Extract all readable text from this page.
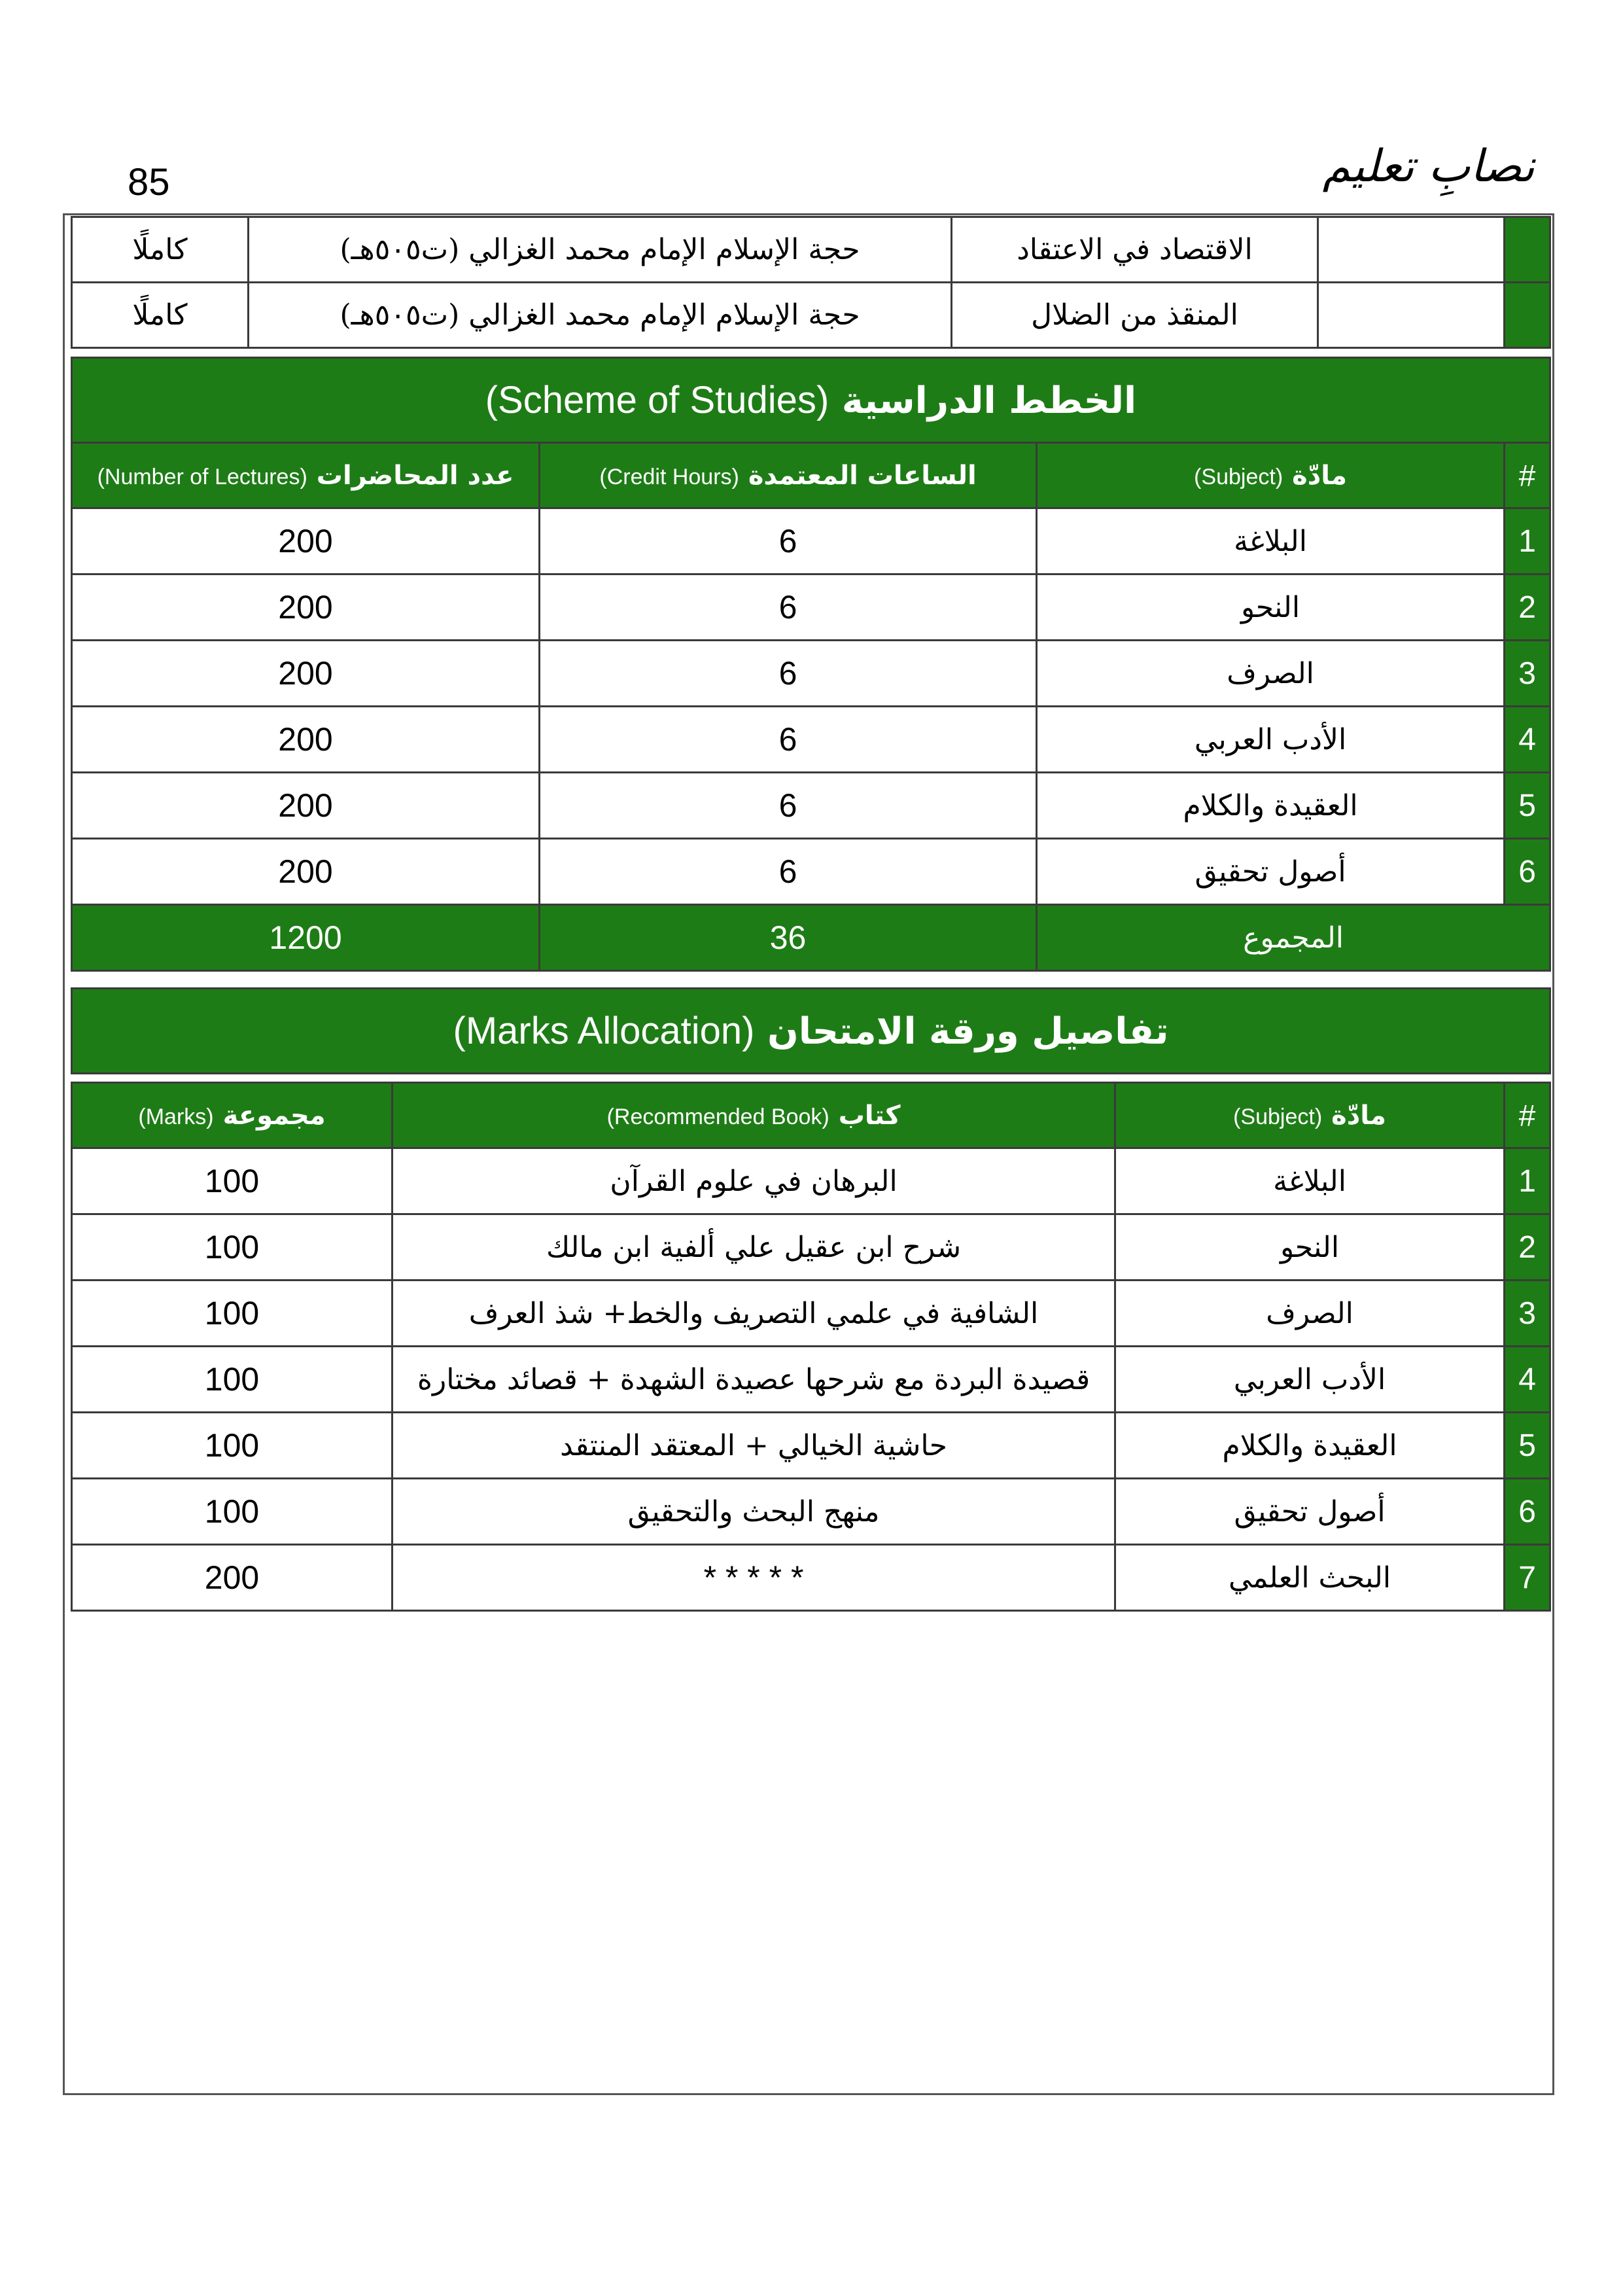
85	نصابِ تعلیم
		الاقتصاد في الاعتقاد	حجة الإسلام الإمام محمد الغزالي (ت٥٠٥هـ)	كاملًا
		المنقذ من الضلال	حجة الإسلام الإمام محمد الغزالي (ت٥٠٥هـ)	كاملًا
الخطط الدراسية (Scheme of Studies)			
#	مادّة (Subject)	الساعات المعتمدة (Credit Hours)	عدد المحاضرات (Number of Lectures)
1	البلاغة	6	200
2	النحو	6	200
3	الصرف	6	200
4	الأدب العربي	6	200
5	العقيدة والكلام	6	200
6	أصول تحقيق	6	200
المجموع		36	1200
تفاصيل ورقة الامتحان (Marks Allocation)			

#	مادّة (Subject)	كتاب (Recommended Book)	مجموعة (Marks)
1	البلاغة	البرهان في علوم القرآن	100
2	النحو	شرح ابن عقيل علي ألفية ابن مالك	100
3	الصرف	الشافية في علمي التصريف والخط+ شذ العرف	100
4	الأدب العربي	قصيدة البردة مع شرحها عصيدة الشهدة + قصائد مختارة	100
5	العقيدة والكلام	حاشية الخيالي + المعتقد المنتقد	100
6	أصول تحقيق	منهج البحث والتحقيق	100
7	البحث العلمي	* * * * *	200
